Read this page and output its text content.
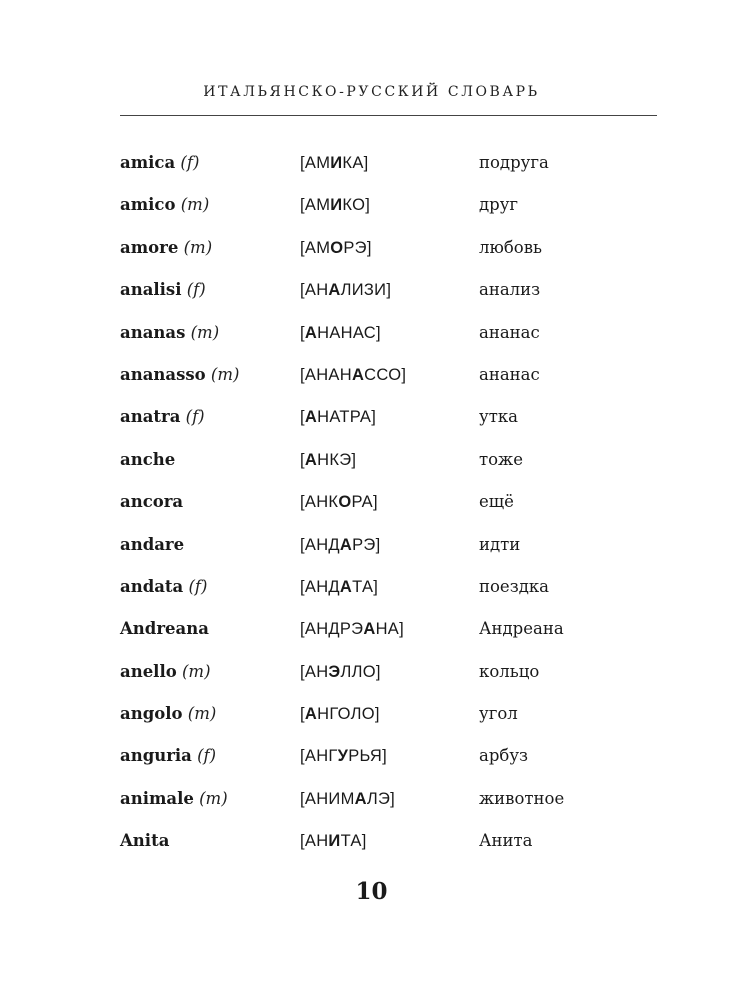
ИТАЛЬЯНСКО-РУССКИЙ СЛОВАРЬ
amica (f)	[АМИКА]	подруга
amico (m)	[АМИКО]	друг
amore (m)	[АМОРЭ]	любовь
analisi (f)	[АНАЛИЗИ]	анализ
ananas (m)	[АНАНАС]	ананас
ananasso (m)	[АНАНАССО]	ананас
anatra (f)	[АНАТРА]	утка
anche	[АНКЭ]	тоже
ancora	[АНКОРА]	ещё
andare	[АНДАРЭ]	идти
andata (f)	[АНДАТА]	поездка
Andreana	[АНДРЭАНА]	Андреана
anello (m)	[АНЭЛЛО]	кольцо
angolo (m)	[АНГОЛО]	угол
anguria (f)	[АНГУРЬЯ]	арбуз
animale (m)	[АНИМАЛЭ]	животное
Anita	[АНИТА]	Анита
10
